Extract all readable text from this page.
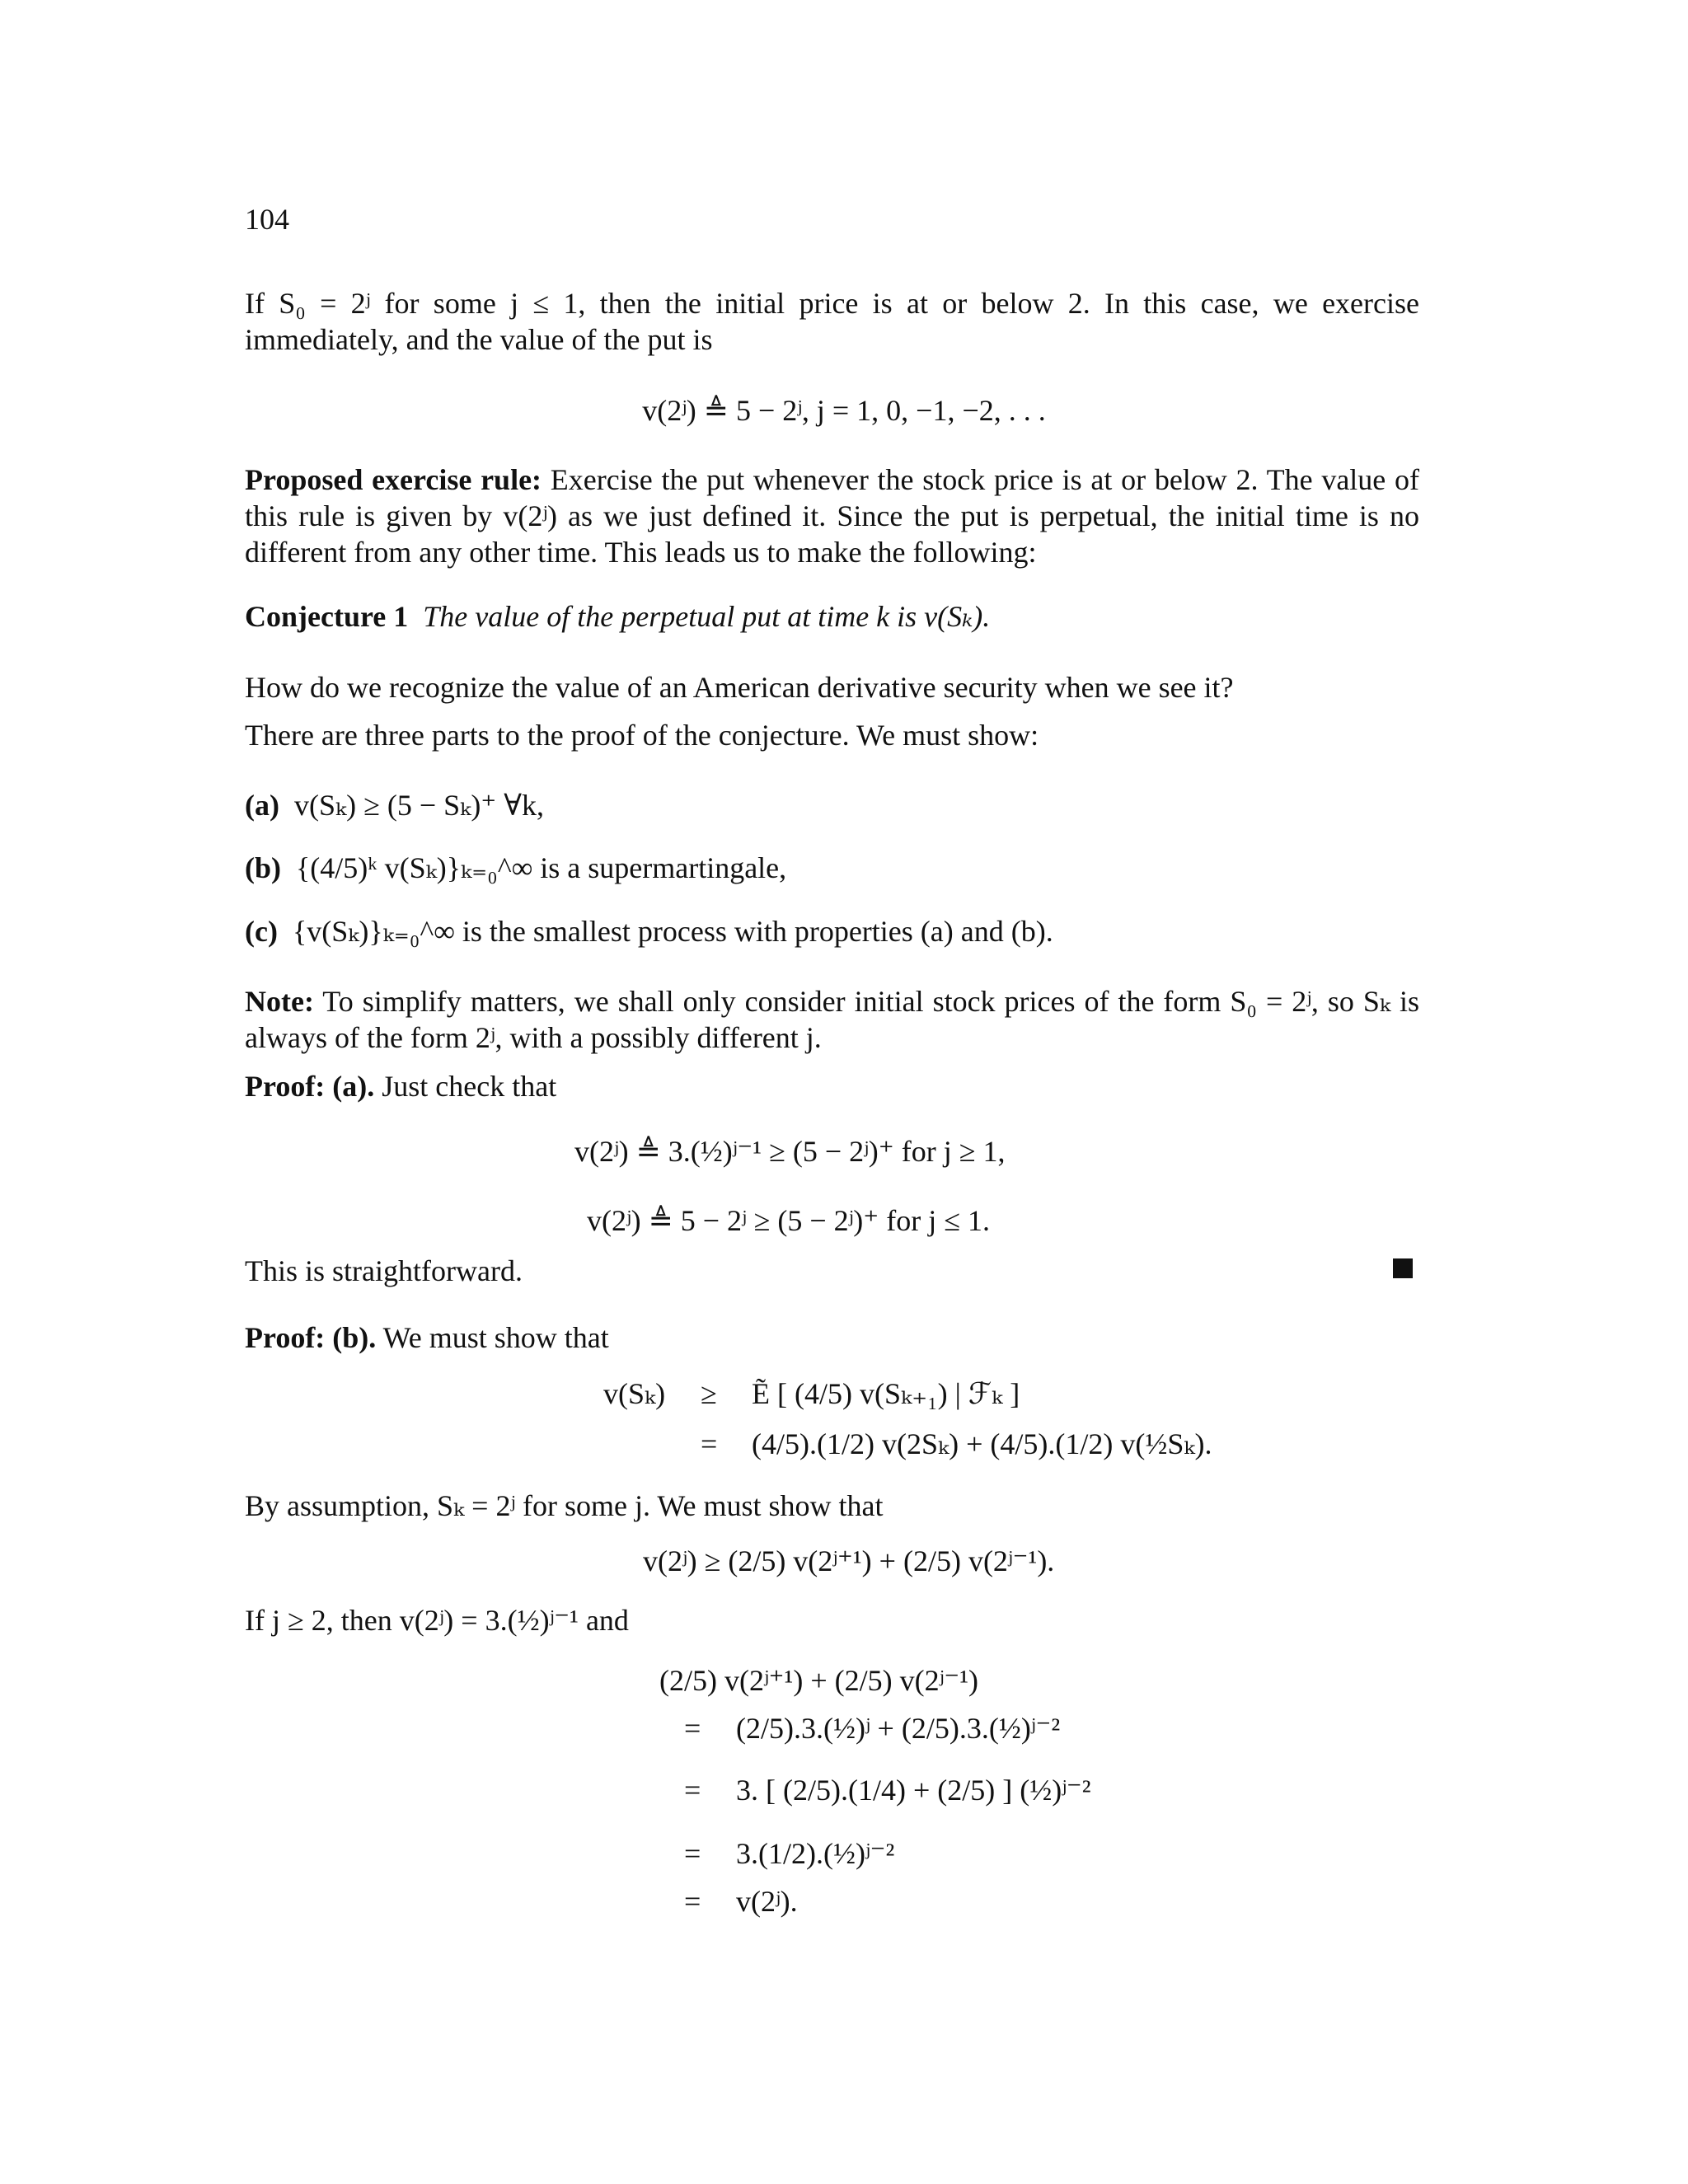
104
If S₀ = 2ʲ for some j ≤ 1, then the initial price is at or below 2. In this case, we exercise
immediately, and the value of the put is
v(2ʲ) ≜ 5 − 2ʲ, j = 1, 0, −1, −2, . . .
Proposed exercise rule: Exercise the put whenever the stock price is at or below 2. The value of
this rule is given by v(2ʲ) as we just defined it. Since the put is perpetual, the initial time is no
different from any other time. This leads us to make the following:
Conjecture 1 The value of the perpetual put at time k is v(Sₖ).
How do we recognize the value of an American derivative security when we see it?
There are three parts to the proof of the conjecture. We must show:
(a) v(Sₖ) ≥ (5 − Sₖ)⁺ ∀k,
(b) {(4/5)ᵏ v(Sₖ)}ₖ₌₀^∞ is a supermartingale,
(c) {v(Sₖ)}ₖ₌₀^∞ is the smallest process with properties (a) and (b).
Note: To simplify matters, we shall only consider initial stock prices of the form S₀ = 2ʲ, so Sₖ is
always of the form 2ʲ, with a possibly different j.
Proof: (a). Just check that
v(2ʲ) ≜ 3.(½)ʲ⁻¹ ≥ (5 − 2ʲ)⁺ for j ≥ 1,
v(2ʲ) ≜ 5 − 2ʲ ≥ (5 − 2ʲ)⁺ for j ≤ 1.
This is straightforward.
Proof: (b). We must show that
v(Sₖ) ≥ Ẽ [ (4/5) v(Sₖ₊₁) | ℱₖ ]
= (4/5).(1/2) v(2Sₖ) + (4/5).(1/2) v(½Sₖ).
By assumption, Sₖ = 2ʲ for some j. We must show that
v(2ʲ) ≥ (2/5) v(2ʲ⁺¹) + (2/5) v(2ʲ⁻¹).
If j ≥ 2, then v(2ʲ) = 3.(½)ʲ⁻¹ and
(2/5) v(2ʲ⁺¹) + (2/5) v(2ʲ⁻¹)
= (2/5).3.(½)ʲ + (2/5).3.(½)ʲ⁻²
= 3. [ (2/5).(1/4) + (2/5) ] (½)ʲ⁻²
= 3.(1/2).(½)ʲ⁻²
= v(2ʲ).
